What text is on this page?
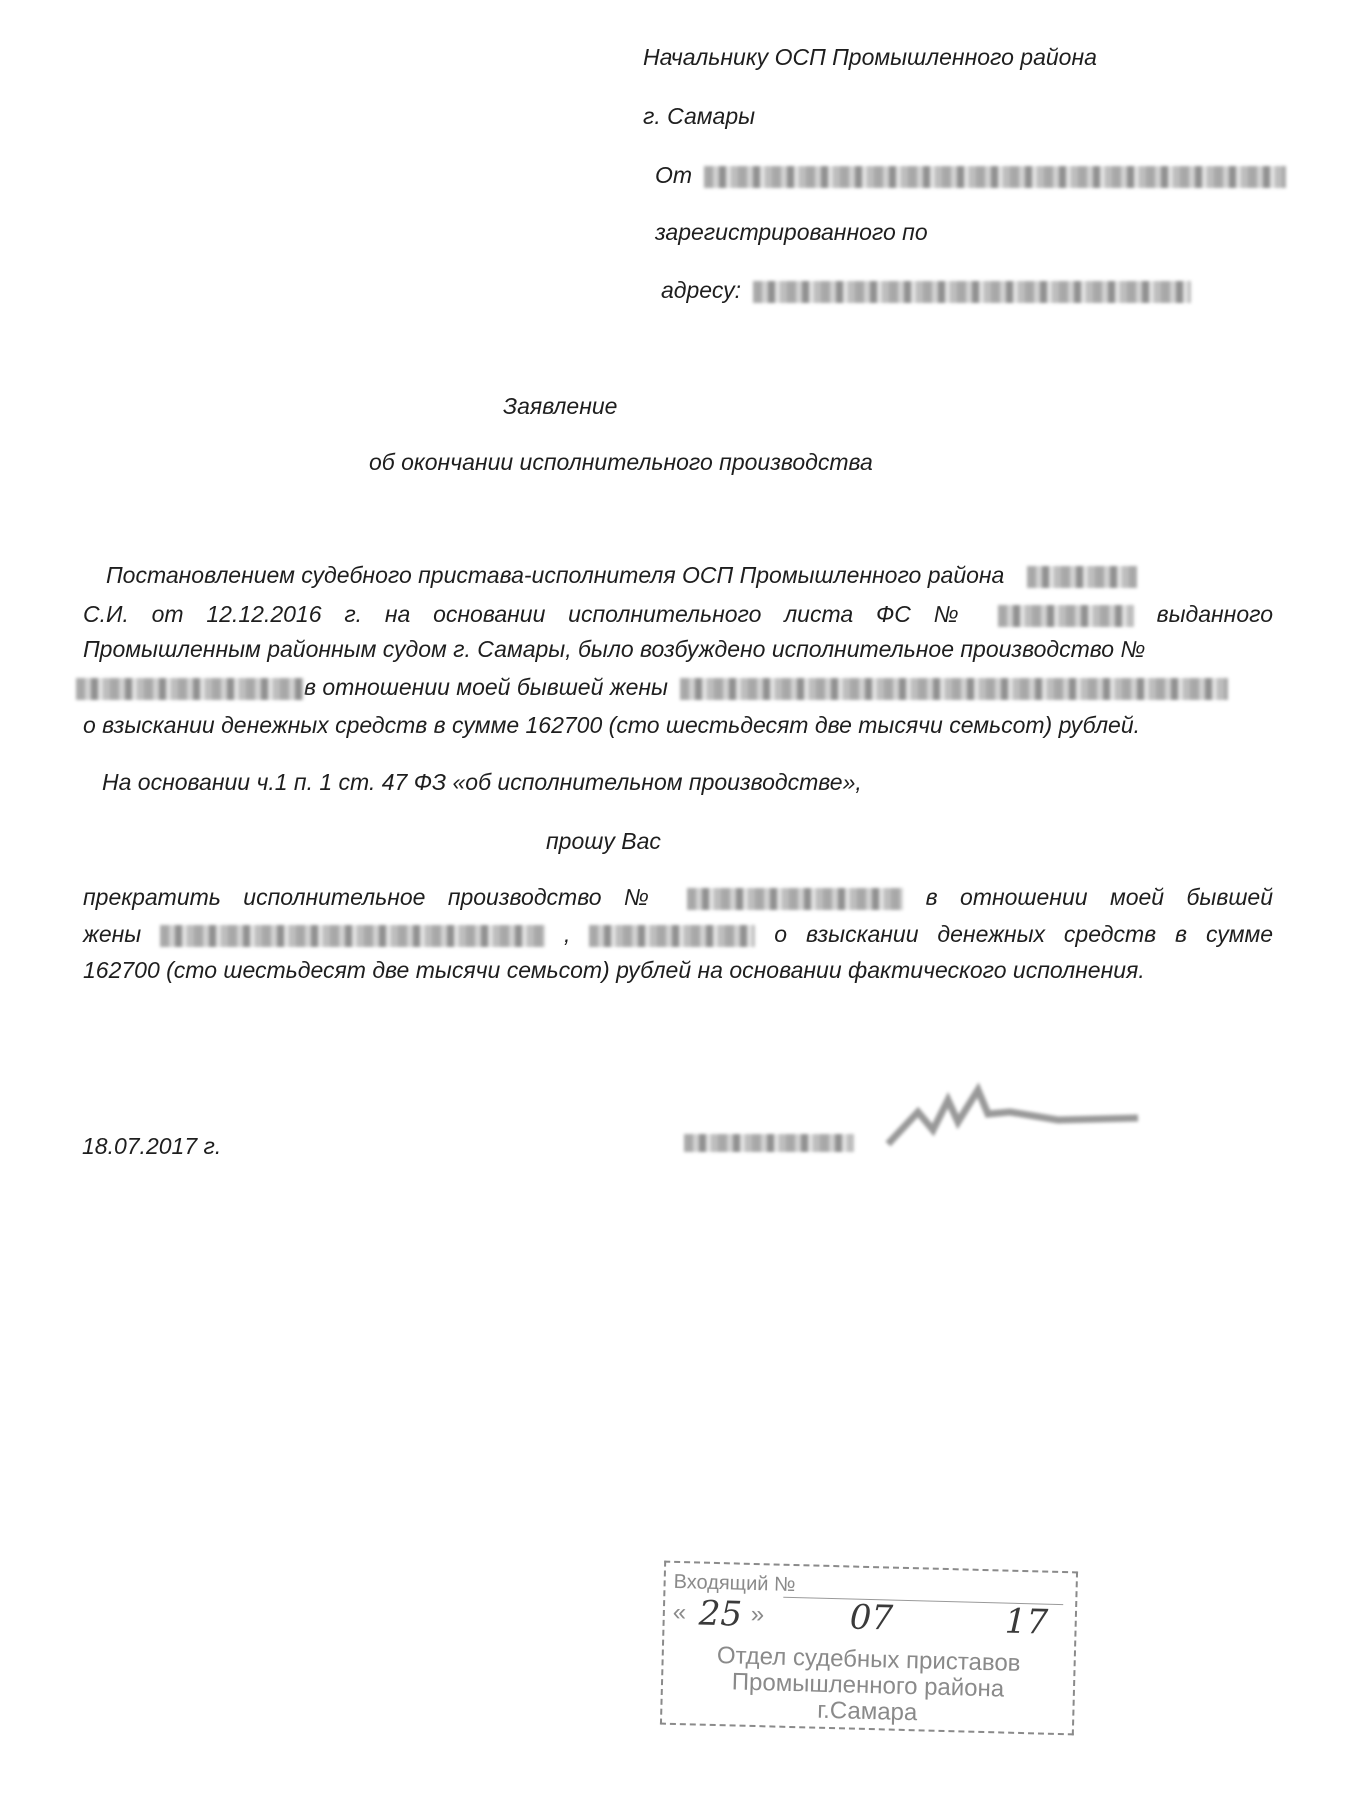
Начальнику ОСП Промышленного района
г. Самары
От
зарегистрированного по
адресу:
Заявление
об окончании исполнительного производства
Постановлением судебного пристава-исполнителя ОСП Промышленного района
С.И. от 12.12.2016 г. на основании исполнительного листа ФС №	выданного
Промышленным районным судом г. Самары, было возбуждено исполнительное производство №
в отношении моей бывшей жены
о взыскании денежных средств в сумме 162700 (сто шестьдесят две тысячи семьсот) рублей.
На основании ч.1 п. 1 ст. 47 ФЗ «об исполнительном производстве»,
прошу Вас
прекратить исполнительное производство №	в отношении моей бывшей
жены	,	о взыскании денежных средств в сумме
162700 (сто шестьдесят две тысячи семьсот) рублей на основании фактического исполнения.
18.07.2017 г.
Входящий №
« 25 » 07	17
Отдел судебных приставов
Промышленного района
г.Самара
